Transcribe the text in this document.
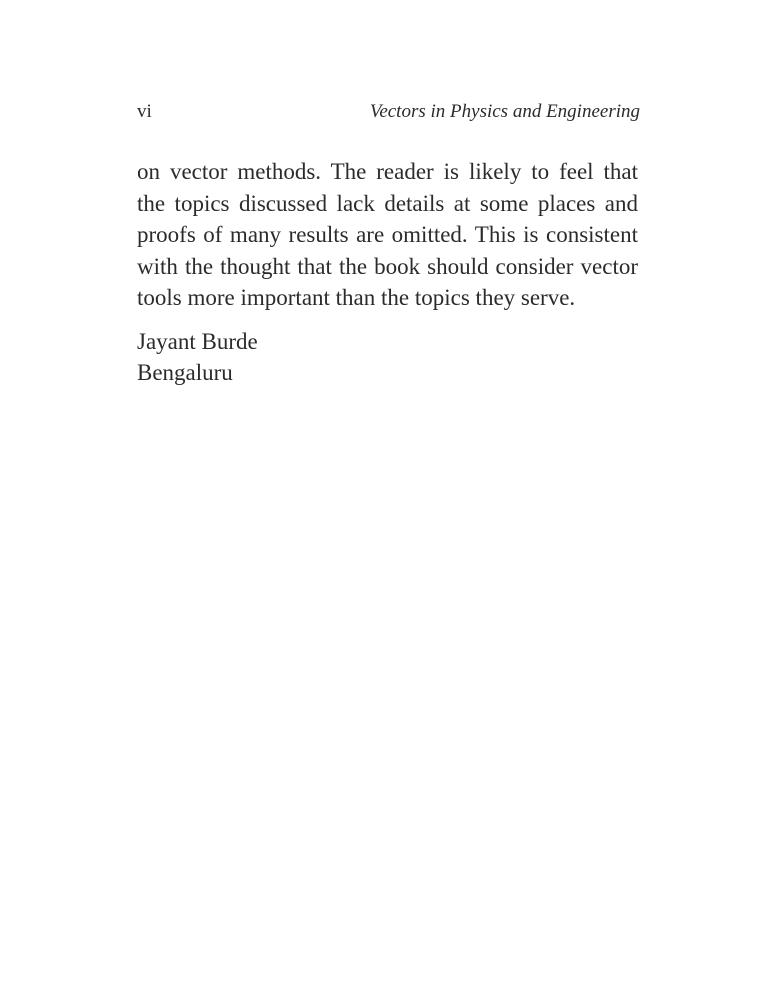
vi	Vectors in Physics and Engineering
on vector methods. The reader is likely to feel that
the topics discussed lack details at some places and
proofs of many results are omitted. This is consistent
with the thought that the book should consider vector
tools more important than the topics they serve.
Jayant Burde
Bengaluru
